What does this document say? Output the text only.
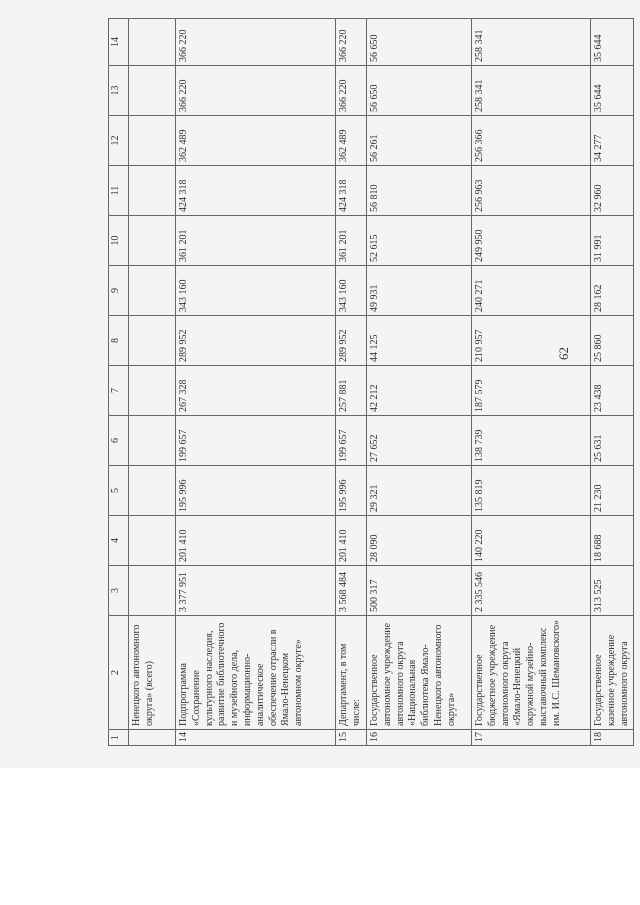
62
1	2	3	4	5	6	7	8	9	10	11	12	13	14
	Ненецкого автономного округа» (всего)												
14	Подпрограмма «Сохранение культурного наследия, развитие библиотечного и музейного дела, информационно-аналитическое обеспечение отрасли в Ямало-Ненецком автономном округе»	3 377 951	201 410	195 996	199 657	267 328	289 952	343 160	361 201	424 318	362 489	366 220	366 220
15	Департамент, в том числе:	3 568 484	201 410	195 996	199 657	257 881	289 952	343 160	361 201	424 318	362 489	366 220	366 220
16	Государственное автономное учреждение автономного округа «Национальная библиотека Ямало-Ненецкого автономного округа»	500 317	28 090	29 321	27 652	42 212	44 125	49 931	52 615	56 810	56 261	56 650	56 650
17	Государственное бюджетное учреждение автономного округа «Ямало-Ненецкий окружной музейно-выставочный комплекс им. И.С. Шемановского»	2 335 546	140 220	135 819	138 739	187 579	210 957	240 271	249 950	256 963	256 366	258 341	258 341
18	Государственное казенное учреждение автономного округа	313 525	18 688	21 230	25 631	23 438	25 860	28 162	31 991	32 960	34 277	35 644	35 644
